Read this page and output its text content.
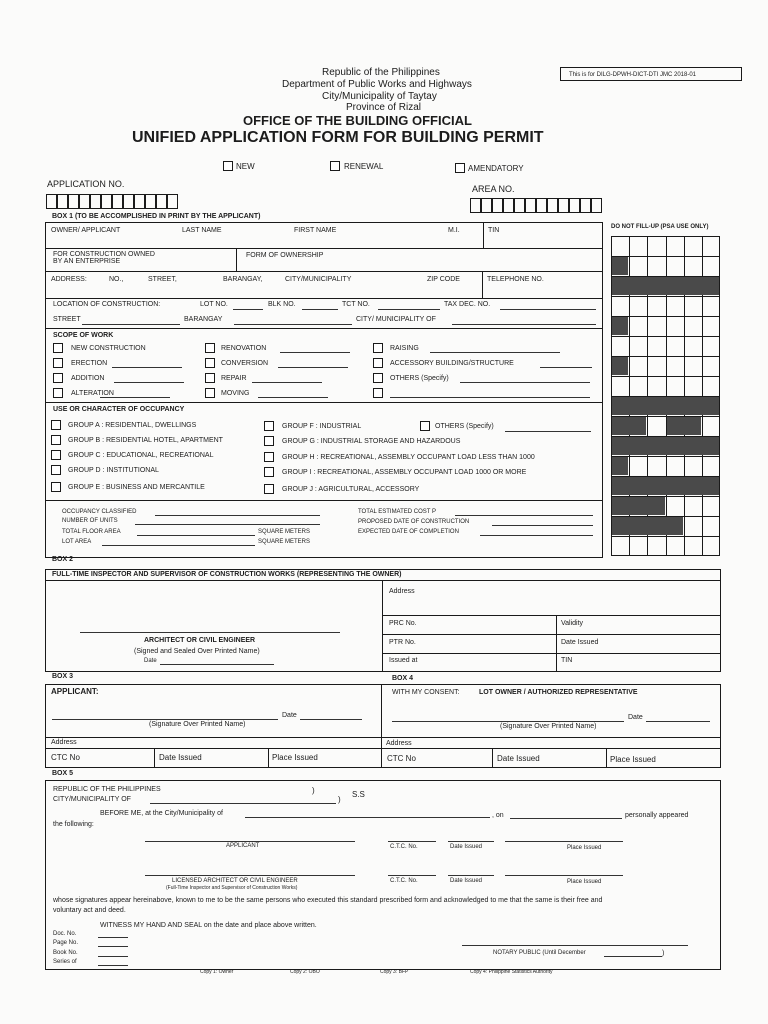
Republic of the Philippines
Department of Public Works and Highways
City/Municipality of Taytay
Province of Rizal
OFFICE OF THE BUILDING OFFICIAL
UNIFIED APPLICATION FORM FOR BUILDING PERMIT
This is for DILG-DPWH-DICT-DTI JMC 2018-01
NEW	RENEWAL	AMENDATORY
APPLICATION NO.	AREA NO.
BOX 1 (TO BE ACCOMPLISHED IN PRINT BY THE APPLICANT)
OWNER/ APPLICANT	LAST NAME	FIRST NAME	M.I.	TIN
FOR CONSTRUCTION OWNED
BY AN ENTERPRISE
FORM OF OWNERSHIP
ADDRESS:	NO.,	STREET,	BARANGAY,	CITY/MUNICIPALITY	ZIP CODE	TELEPHONE NO.
LOCATION OF CONSTRUCTION:	LOT NO.	BLK NO.	TCT NO.	TAX DEC. NO.
STREET	BARANGAY	CITY/ MUNICIPALITY OF
SCOPE OF WORK
USE OR CHARACTER OF OCCUPANCY
OCCUPANCY CLASSIFIED
NUMBER OF UNITS
TOTAL FLOOR AREA	SQUARE METERS
LOT AREA	SQUARE METERS
TOTAL ESTIMATED COST P
PROPOSED DATE OF CONSTRUCTION
EXPECTED DATE OF COMPLETION
DO NOT FILL-UP (PSA USE ONLY)
BOX 2
FULL-TIME INSPECTOR AND SUPERVISOR OF CONSTRUCTION WORKS (REPRESENTING THE OWNER)
Address
PRC No.	Validity
PTR No.	Date Issued
Issued at	TIN
ARCHITECT OR CIVIL ENGINEER
(Signed and Sealed Over Printed Name)
Date
BOX 3	BOX 4
APPLICANT:
Date
(Signature Over Printed Name)
Address
CTC No	Date Issued	Place Issued
WITH MY CONSENT:	LOT OWNER / AUTHORIZED REPRESENTATIVE
Date
(Signature Over Printed Name)
Address
CTC No	Date Issued	Place Issued
BOX 5
REPUBLIC OF THE PHILIPPINES	)	S.S
CITY/MUNICIPALITY OF	)
BEFORE ME, at the City/Municipality of	, on	personally appeared
the following:
APPLICANT	C.T.C. No.	Date Issued	Place Issued
LICENSED ARCHITECT OR CIVIL ENGINEER
(Full-Time Inspector and Supervisor of Construction Works)
C.T.C. No.	Date Issued	Place Issued
whose signatures appear hereinabove, known to me to be the same persons who executed this standard prescribed form and acknowledged to me that the same is their free and
voluntary act and deed.
WITNESS MY HAND AND SEAL on the date and place above written.
Doc. No.
Page No.
Book No.
Series of
NOTARY PUBLIC (Until December	)
Copy 1: Owner	Copy 2: OBO	Copy 3: BFP	Copy 4: Philippine Statistics Authority
NEW CONSTRUCTION
ERECTION
ADDITION
ALTERATION
RENOVATION
CONVERSION
REPAIR
MOVING
RAISING
ACCESSORY BUILDING/STRUCTURE
OTHERS (Specify)
GROUP A : RESIDENTIAL, DWELLINGS
GROUP B : RESIDENTIAL HOTEL, APARTMENT
GROUP C : EDUCATIONAL, RECREATIONAL
GROUP D : INSTITUTIONAL
GROUP E : BUSINESS AND MERCANTILE
GROUP F : INDUSTRIAL
GROUP G : INDUSTRIAL STORAGE AND HAZARDOUS
GROUP H : RECREATIONAL, ASSEMBLY OCCUPANT LOAD LESS THAN 1000
GROUP I : RECREATIONAL, ASSEMBLY OCCUPANT LOAD 1000 OR MORE
GROUP J : AGRICULTURAL, ACCESSORY
OTHERS (Specify)
